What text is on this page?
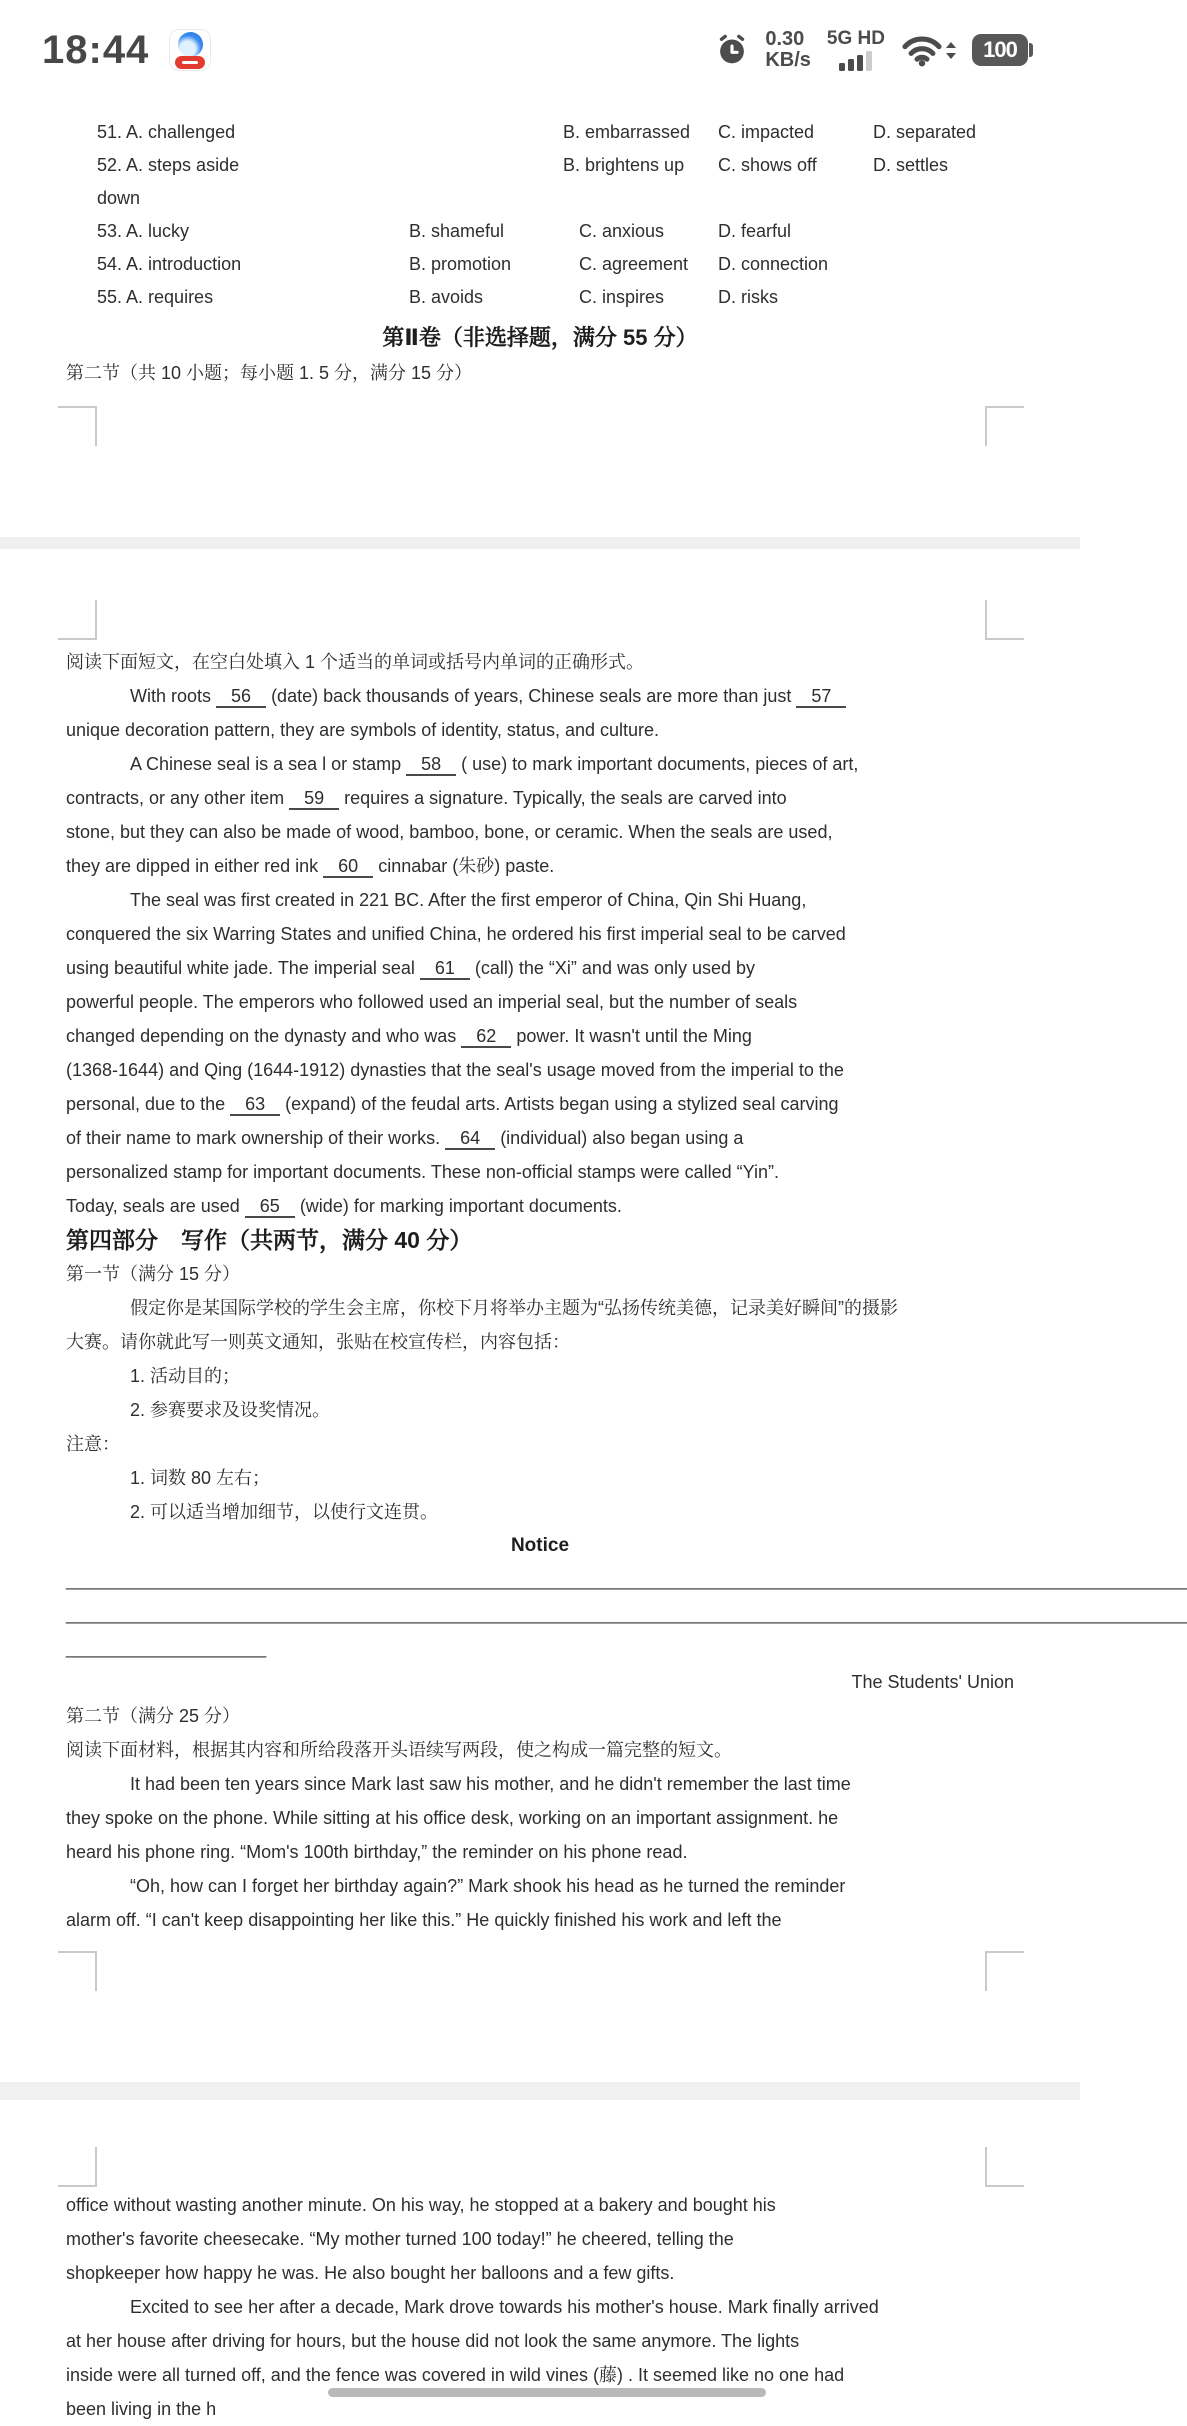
18:44	0.30
KB/s
5G HD	100
51. A. challenged	B. embarrassed	C. impacted	D. separated
52. A. steps aside	B. brightens up	C. shows off	D. settles
down
53. A. lucky	B. shameful	C. anxious	D. fearful
54. A. introduction	B. promotion	C. agreement	D. connection
55. A. requires	B. avoids	C. inspires	D. risks
第Ⅱ卷（非选择题，满分 55 分）
第二节（共 10 小题；每小题 1. 5 分，满分 15 分）
阅读下面短文，在空白处填入 1 个适当的单词或括号内单词的正确形式。
With roots 56 (date) back thousands of years, Chinese seals are more than just 57
unique decoration pattern, they are symbols of identity, status, and culture.
A Chinese seal is a sea l or stamp 58 ( use) to mark important documents, pieces of art,
contracts, or any other item 59 requires a signature. Typically, the seals are carved into
stone, but they can also be made of wood, bamboo, bone, or ceramic. When the seals are used,
they are dipped in either red ink 60 cinnabar (朱砂) paste.
The seal was first created in 221 BC. After the first emperor of China, Qin Shi Huang,
conquered the six Warring States and unified China, he ordered his first imperial seal to be carved
using beautiful white jade. The imperial seal 61 (call) the “Xi” and was only used by
powerful people. The emperors who followed used an imperial seal, but the number of seals
changed depending on the dynasty and who was 62 power. It wasn't until the Ming
(1368-1644) and Qing (1644-1912) dynasties that the seal's usage moved from the imperial to the
personal, due to the 63 (expand) of the feudal arts. Artists began using a stylized seal carving
of their name to mark ownership of their works. 64 (individual) also began using a
personalized stamp for important documents. These non-official stamps were called “Yin”.
Today, seals are used 65 (wide) for marking important documents.
第四部分　写作（共两节，满分 40 分）
第一节（满分 15 分）
假定你是某国际学校的学生会主席，你校下月将举办主题为“弘扬传统美德，记录美好瞬间”的摄影
大赛。请你就此写一则英文通知，张贴在校宣传栏，内容包括：
1. 活动目的；
2. 参赛要求及设奖情况。
注意：
1. 词数 80 左右；
2. 可以适当增加细节，以使行文连贯。
Notice
________________________________________________________________________________________________________________
________________________________________________________________________________________________________________
____________________
The Students' Union
第二节（满分 25 分）
阅读下面材料，根据其内容和所给段落开头语续写两段，使之构成一篇完整的短文。
It had been ten years since Mark last saw his mother, and he didn't remember the last time
they spoke on the phone. While sitting at his office desk, working on an important assignment. he
heard his phone ring. “Mom's 100th birthday,” the reminder on his phone read.
“Oh, how can I forget her birthday again?” Mark shook his head as he turned the reminder
alarm off. “I can't keep disappointing her like this.” He quickly finished his work and left the
office without wasting another minute. On his way, he stopped at a bakery and bought his
mother's favorite cheesecake. “My mother turned 100 today!” he cheered, telling the
shopkeeper how happy he was. He also bought her balloons and a few gifts.
Excited to see her after a decade, Mark drove towards his mother's house. Mark finally arrived
at her house after driving for hours, but the house did not look the same anymore. The lights
inside were all turned off, and the fence was covered in wild vines (藤) . It seemed like no one had
been living in the h
